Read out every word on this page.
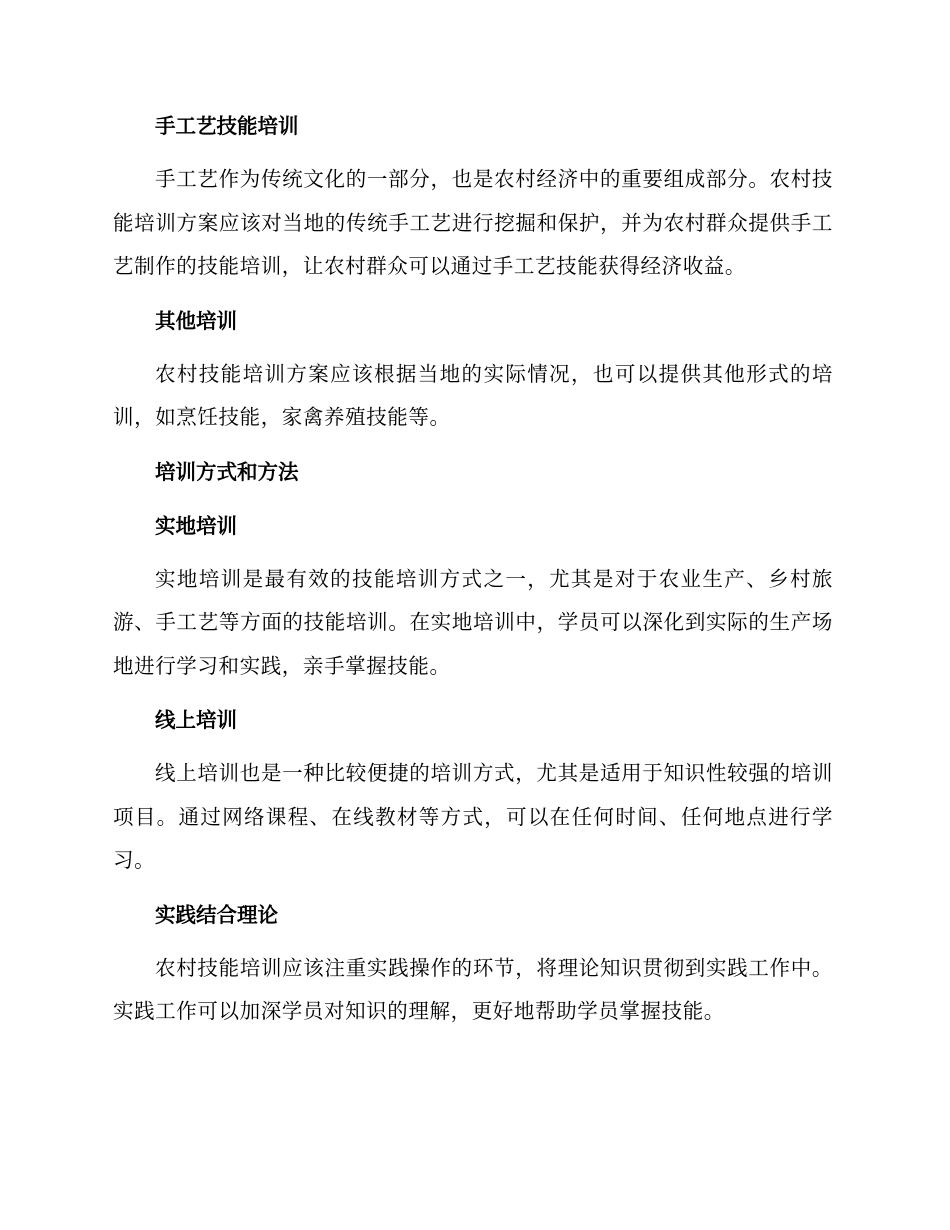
手工艺技能培训

手工艺作为传统文化的一部分，也是农村经济中的重要组成部分。农村技能培训方案应该对当地的传统手工艺进行挖掘和保护，并为农村群众提供手工艺制作的技能培训，让农村群众可以通过手工艺技能获得经济收益。

其他培训

农村技能培训方案应该根据当地的实际情况，也可以提供其他形式的培训，如烹饪技能，家禽养殖技能等。

培训方式和方法
实地培训

实地培训是最有效的技能培训方式之一，尤其是对于农业生产、乡村旅游、手工艺等方面的技能培训。在实地培训中，学员可以深化到实际的生产场地进行学习和实践，亲手掌握技能。

线上培训

线上培训也是一种比较便捷的培训方式，尤其是适用于知识性较强的培训项目。通过网络课程、在线教材等方式，可以在任何时间、任何地点进行学习。

实践结合理论

农村技能培训应该注重实践操作的环节，将理论知识贯彻到实践工作中。实践工作可以加深学员对知识的理解，更好地帮助学员掌握技能。
